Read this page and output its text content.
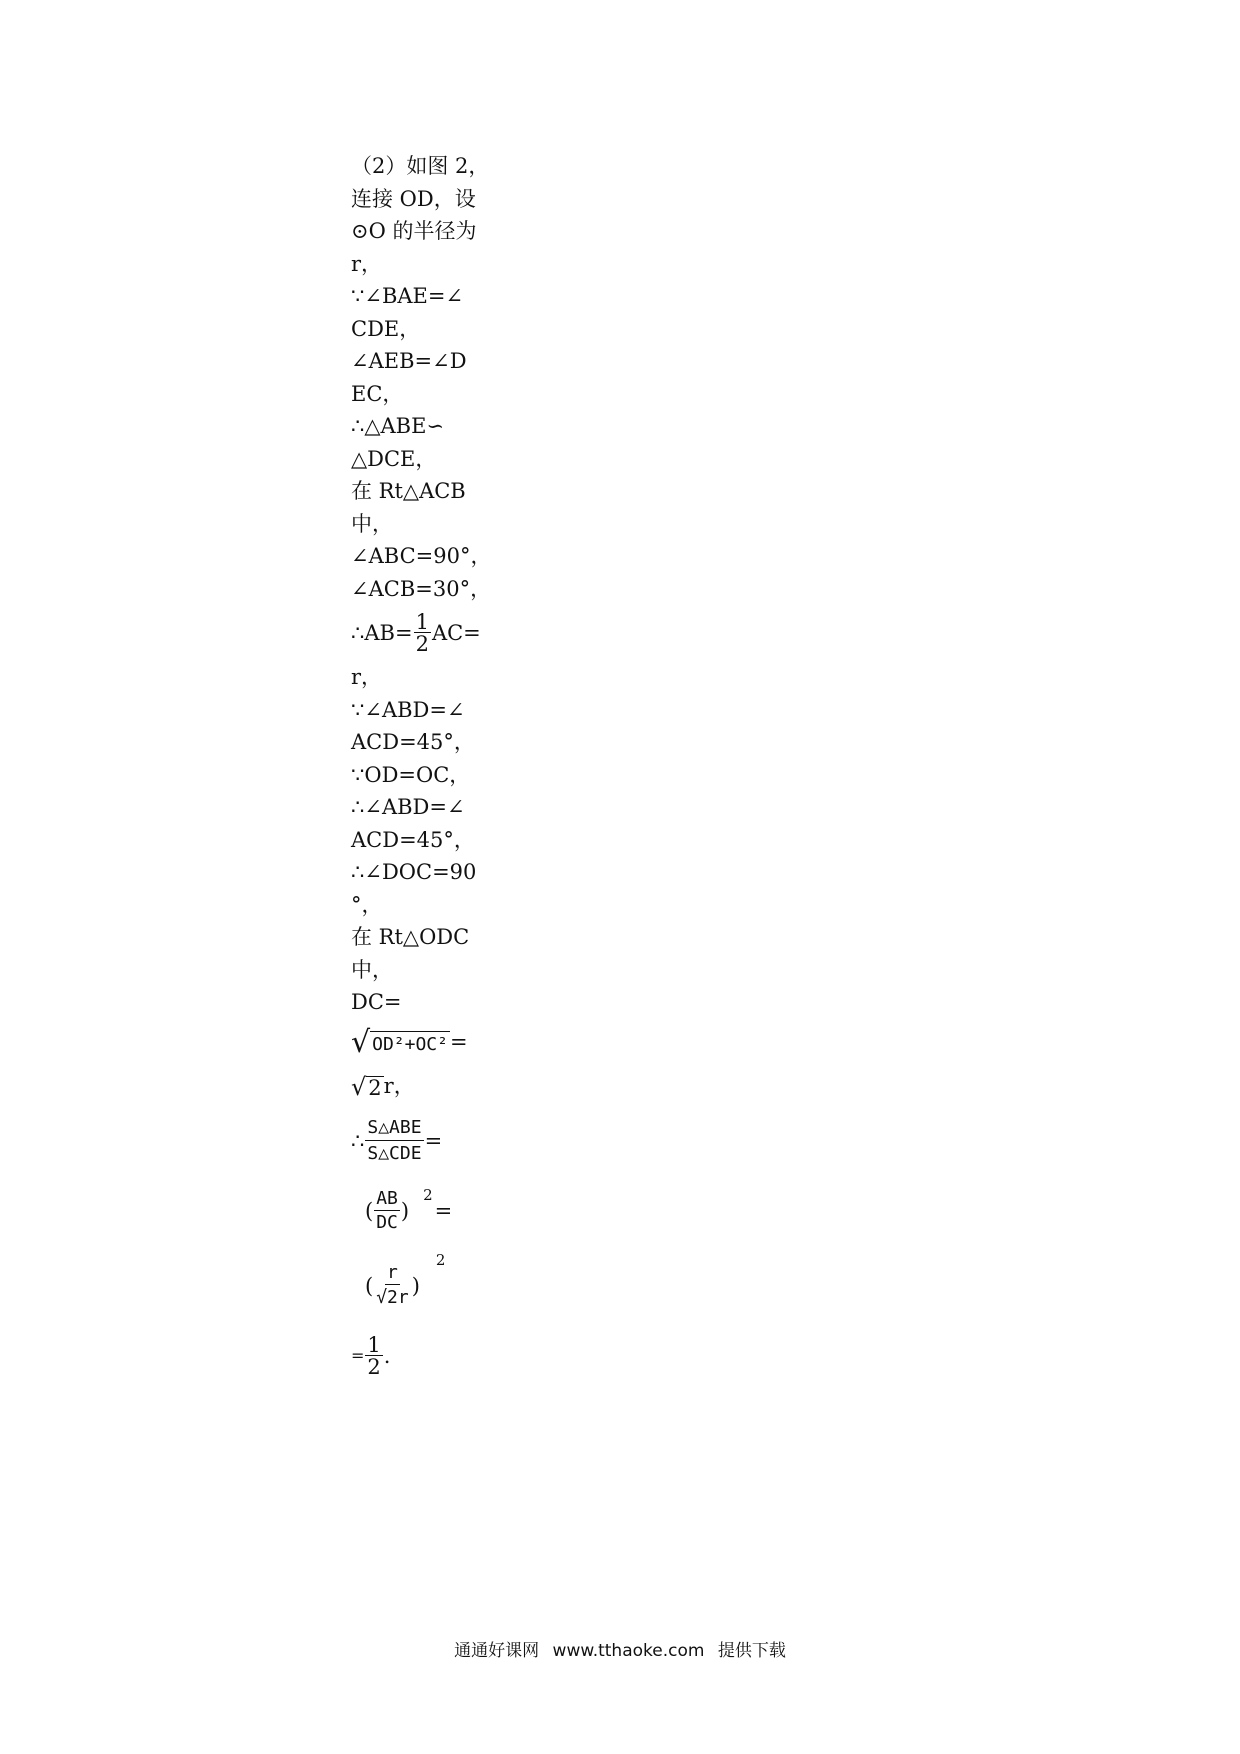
（2）如图 2，
连接 OD，设
⊙O 的半径为
r，
∵∠BAE=∠
CDE，
∠AEB=∠D
EC，
∴△ABE∽
△DCE，
在 Rt△ACB
中，
∠ABC=90°，
∠ACB=30°，
∴AB= $\frac{1}{2} AC=$
r，
∵∠ABD=∠
ACD=45°，
∵OD=OC，
∴∠ABD=∠
ACD=45°，
∴∠DOC=90
°，
在 Rt△ODC
中，
DC=
√ OD²+OC² =
√ 2 r，
∴ $\frac{\text{S△ABE}}{\text{S△CDE}}$ =
( $\frac{AB}{DC}$ )
2
=
( $\frac{r}{√2r}$ )
2
= $\frac{1}{2}$ .
通通好课网 www.tthaoke.com 提供下载
